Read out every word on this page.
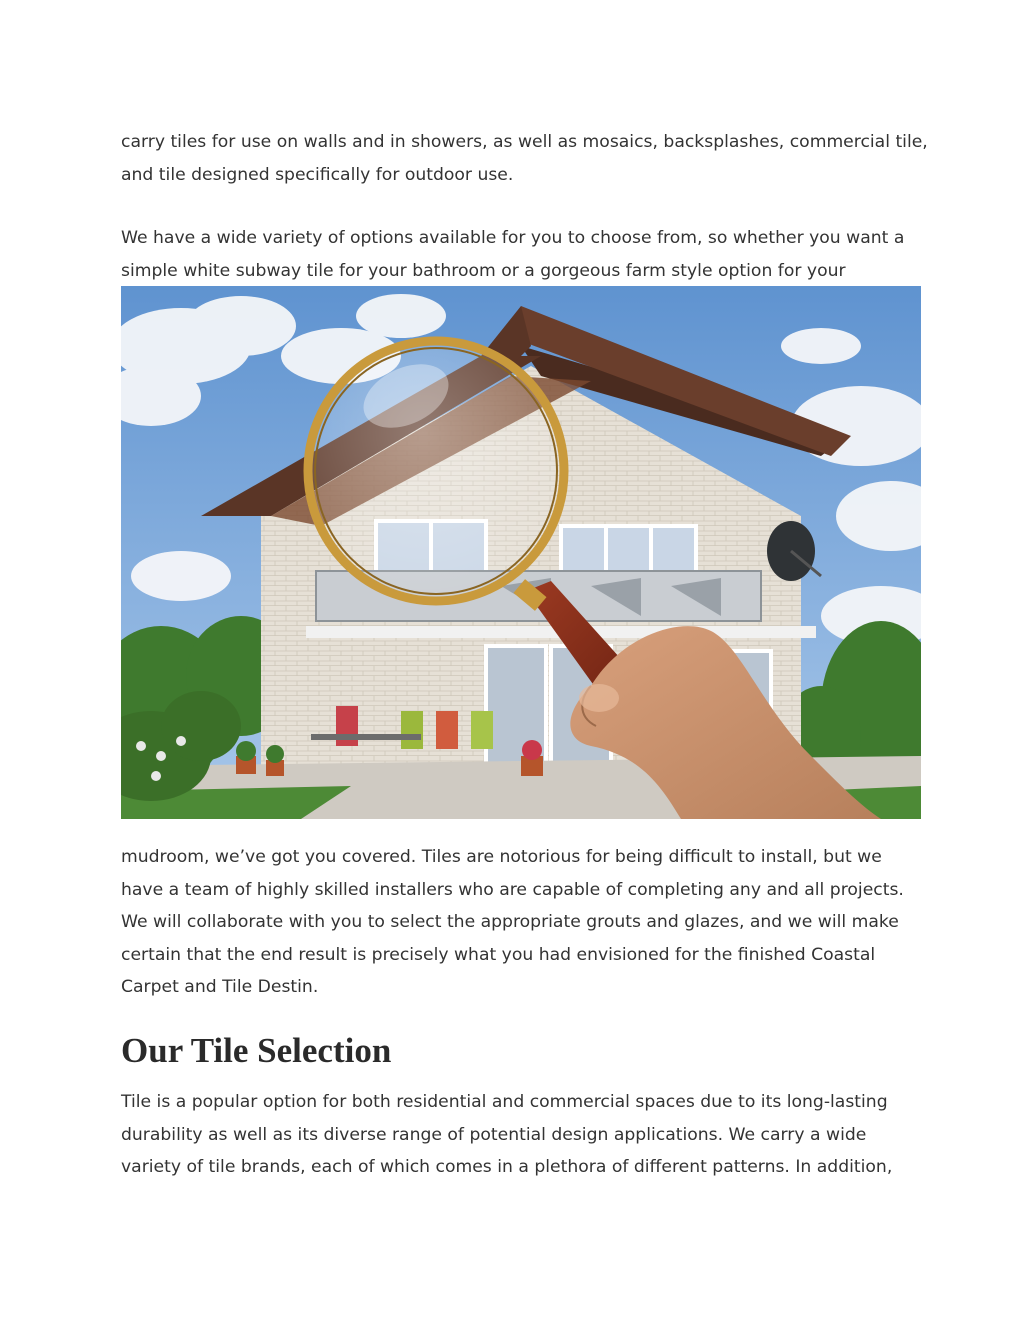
carry tiles for use on walls and in showers, as well as mosaics, backsplashes, commercial tile,
and tile designed specifically for outdoor use.

We have a wide variety of options available for you to choose from, so whether you want a
simple white subway tile for your bathroom or a gorgeous farm style option for your

mudroom, we’ve got you covered. Tiles are notorious for being difficult to install, but we
have a team of highly skilled installers who are capable of completing any and all projects.
We will collaborate with you to select the appropriate grouts and glazes, and we will make
certain that the end result is precisely what you had envisioned for the finished Coastal
Carpet and Tile Destin.

Our Tile Selection

Tile is a popular option for both residential and commercial spaces due to its long-lasting
durability as well as its diverse range of potential design applications. We carry a wide
variety of tile brands, each of which comes in a plethora of different patterns. In addition,
